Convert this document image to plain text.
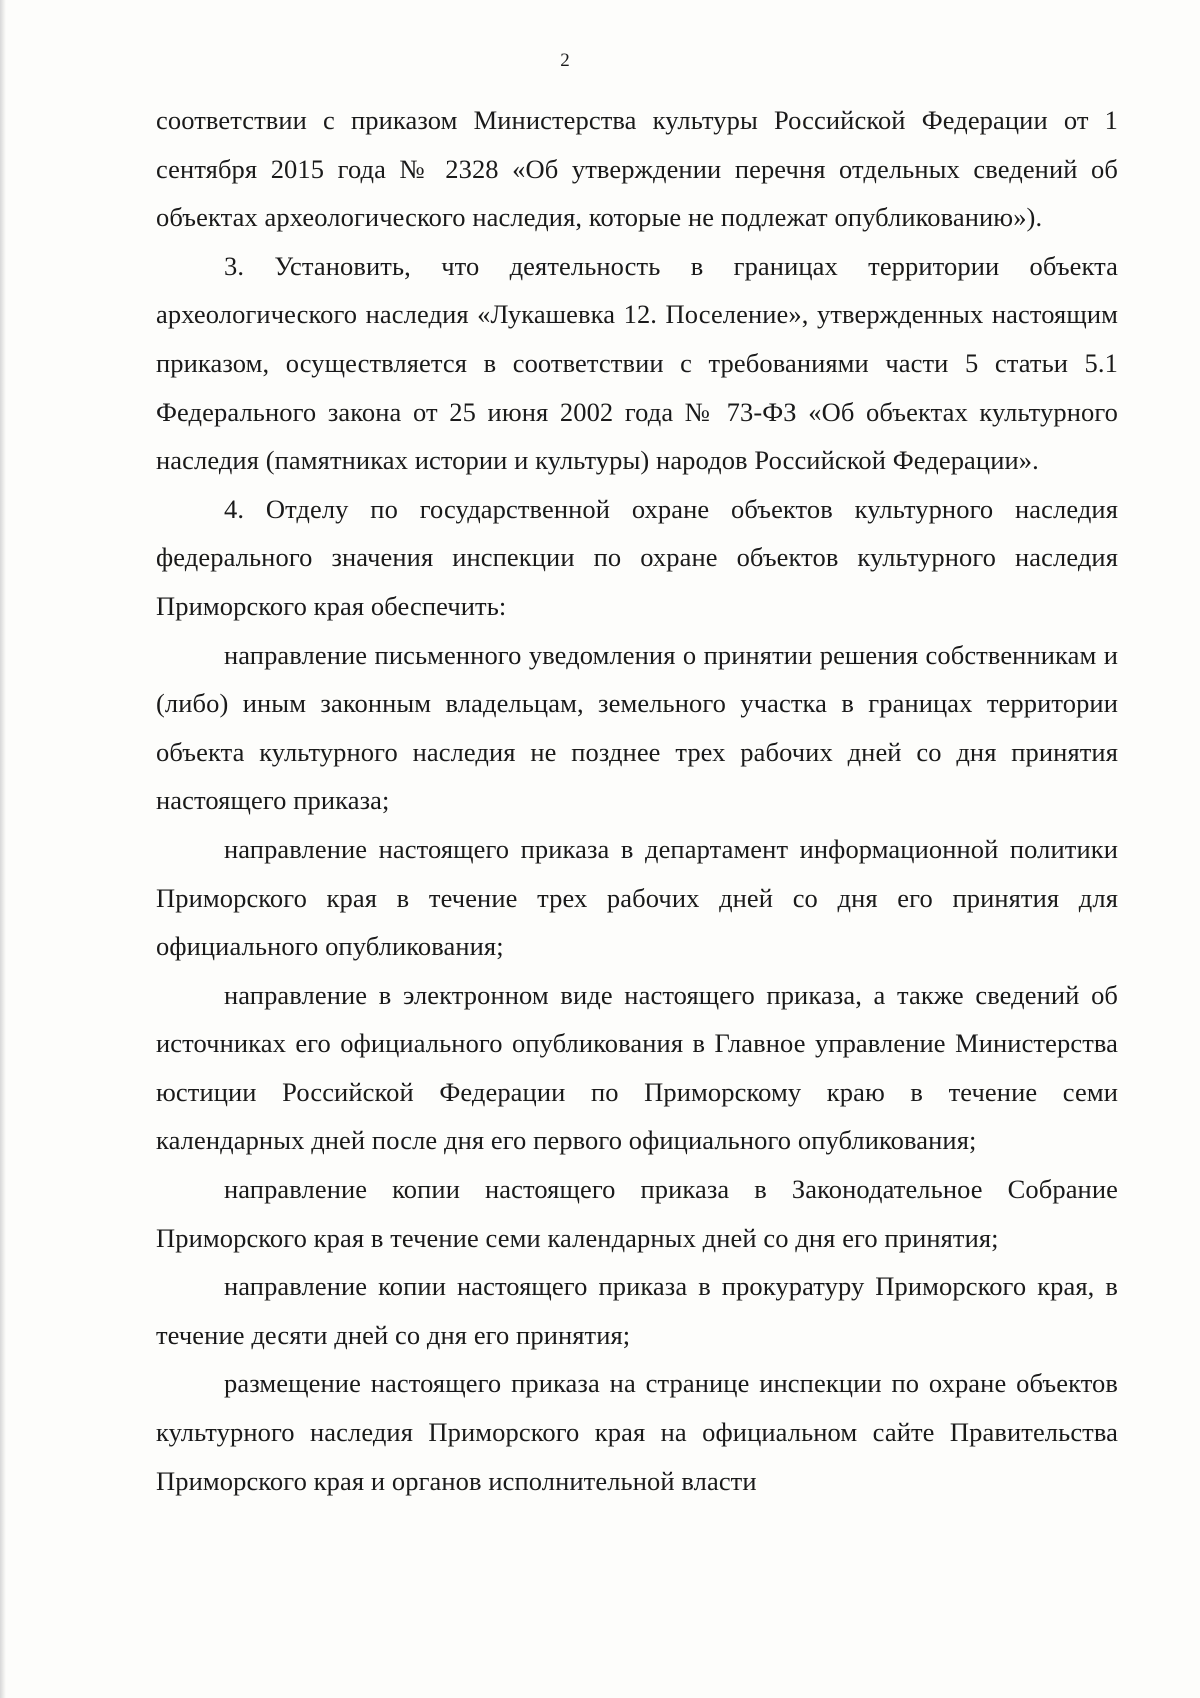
2

соответствии с приказом Министерства культуры Российской Федерации от 1 сентября 2015 года № 2328 «Об утверждении перечня отдельных сведений об объектах археологического наследия, которые не подлежат опубликованию»).

3. Установить, что деятельность в границах территории объекта археологического наследия «Лукашевка 12. Поселение», утвержденных настоящим приказом, осуществляется в соответствии с требованиями части 5 статьи 5.1 Федерального закона от 25 июня 2002 года № 73-ФЗ «Об объектах культурного наследия (памятниках истории и культуры) народов Российской Федерации».

4. Отделу по государственной охране объектов культурного наследия федерального значения инспекции по охране объектов культурного наследия Приморского края обеспечить:

направление письменного уведомления о принятии решения собственникам и (либо) иным законным владельцам, земельного участка в границах территории объекта культурного наследия не позднее трех рабочих дней со дня принятия настоящего приказа;

направление настоящего приказа в департамент информационной политики Приморского края в течение трех рабочих дней со дня его принятия для официального опубликования;

направление в электронном виде настоящего приказа, а также сведений об источниках его официального опубликования в Главное управление Министерства юстиции Российской Федерации по Приморскому краю в течение семи календарных дней после дня его первого официального опубликования;

направление копии настоящего приказа в Законодательное Собрание Приморского края в течение семи календарных дней со дня его принятия;

направление копии настоящего приказа в прокуратуру Приморского края, в течение десяти дней со дня его принятия;

размещение настоящего приказа на странице инспекции по охране объектов культурного наследия Приморского края на официальном сайте Правительства Приморского края и органов исполнительной власти
